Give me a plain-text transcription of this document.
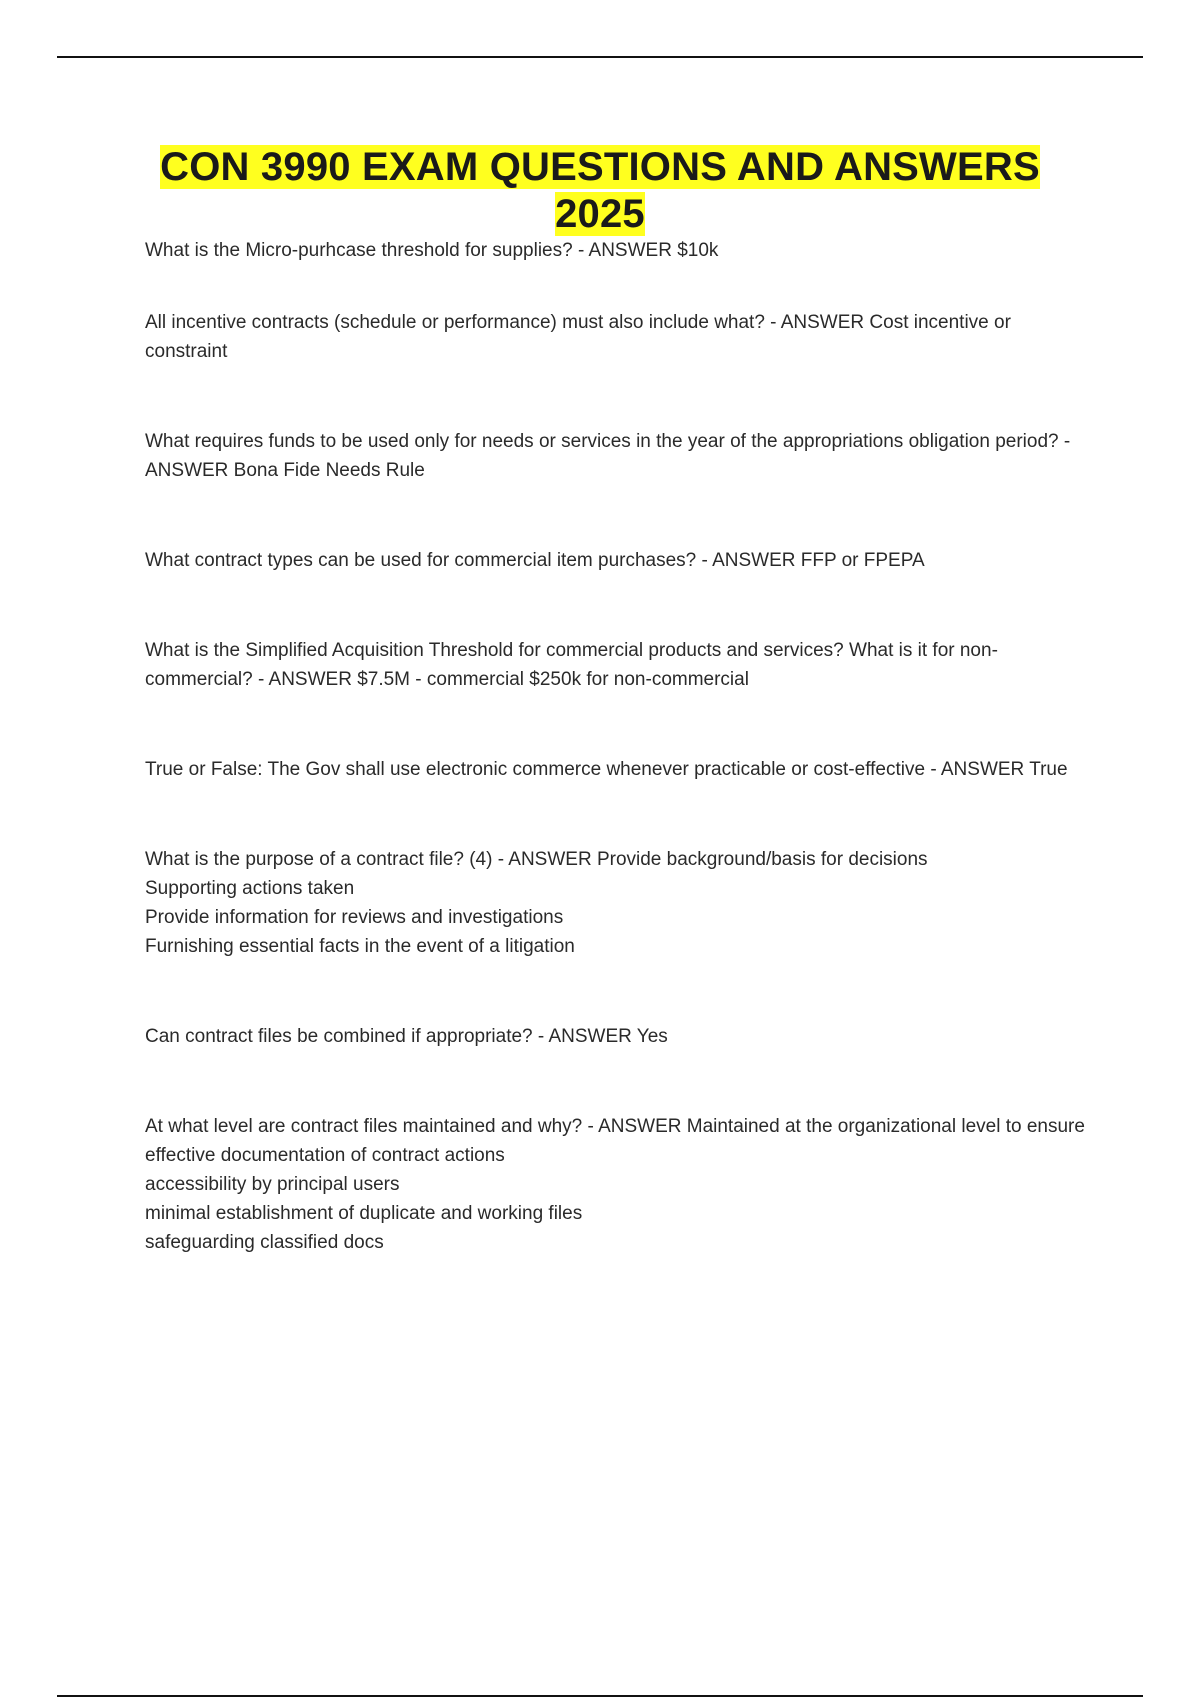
CON 3990 EXAM QUESTIONS AND ANSWERS
2025

What is the Micro-purhcase threshold for supplies? - ANSWER $10k

All incentive contracts (schedule or performance) must also include what? - ANSWER Cost incentive or constraint

What requires funds to be used only for needs or services in the year of the appropriations obligation period? - ANSWER Bona Fide Needs Rule

What contract types can be used for commercial item purchases? - ANSWER FFP or FPEPA

What is the Simplified Acquisition Threshold for commercial products and services? What is it for non-commercial? - ANSWER $7.5M - commercial $250k for non-commercial

True or False: The Gov shall use electronic commerce whenever practicable or cost-effective - ANSWER True

What is the purpose of a contract file? (4) - ANSWER Provide background/basis for decisions

Supporting actions taken

Provide information for reviews and investigations

Furnishing essential facts in the event of a litigation

Can contract files be combined if appropriate? - ANSWER Yes

At what level are contract files maintained and why? - ANSWER Maintained at the organizational level to ensure

effective documentation of contract actions

accessibility by principal users

minimal establishment of duplicate and working files

safeguarding classified docs
